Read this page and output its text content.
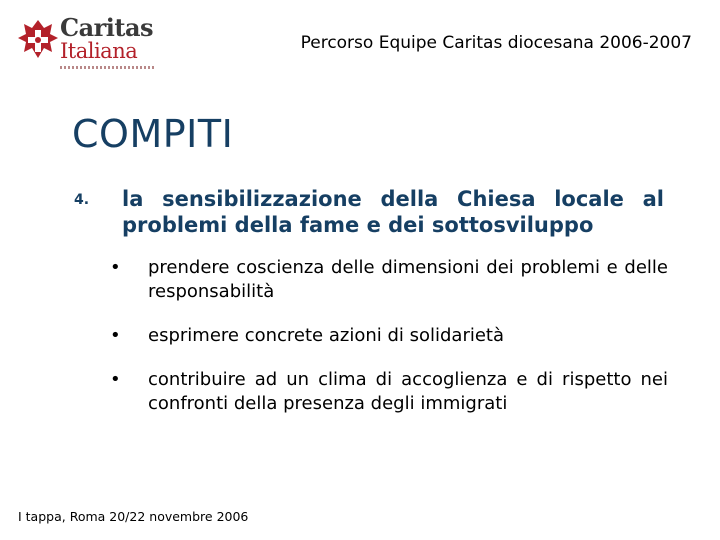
Caritas
Italiana	Percorso Equipe Caritas diocesana 2006-2007
COMPITI
4. la sensibilizzazione della Chiesa locale al problemi della fame e dei sottosviluppo
• prendere coscienza delle dimensioni dei problemi e delle responsabilità
• esprimere concrete azioni di solidarietà
• contribuire ad un clima di accoglienza e di rispetto nei confronti della presenza degli immigrati
I tappa, Roma 20/22 novembre 2006
